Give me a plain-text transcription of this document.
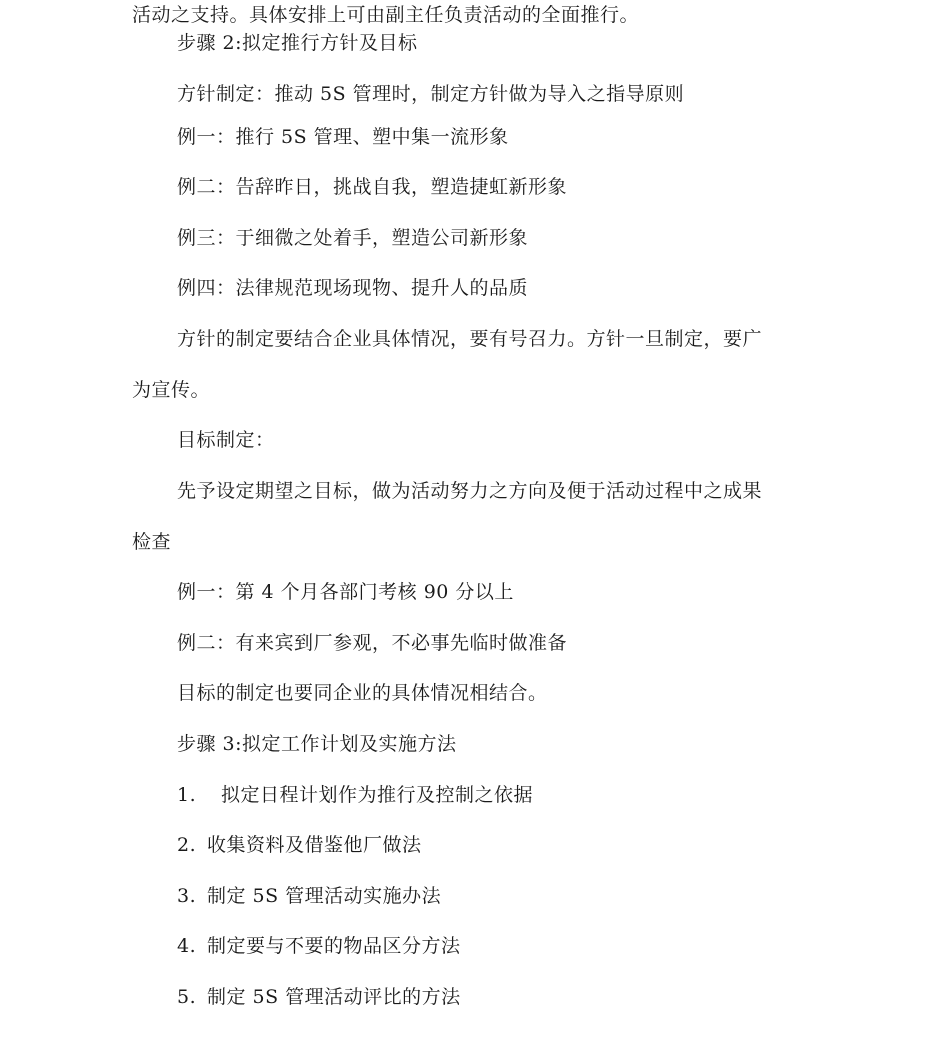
活动之支持。具体安排上可由副主任负责活动的全面推行。
步骤 2:拟定推行方针及目标
方针制定：推动 5S 管理时，制定方针做为导入之指导原则
例一：推行 5S 管理、塑中集一流形象
例二：告辞昨日，挑战自我，塑造捷虹新形象
例三：于细微之处着手，塑造公司新形象
例四：法律规范现场现物、提升人的品质
方针的制定要结合企业具体情况，要有号召力。方针一旦制定，要广
为宣传。
目标制定：
先予设定期望之目标，做为活动努力之方向及便于活动过程中之成果
检查
例一：第 4 个月各部门考核 90 分以上
例二：有来宾到厂参观，不必事先临时做准备
目标的制定也要同企业的具体情况相结合。
步骤 3:拟定工作计划及实施方法
1. 拟定日程计划作为推行及控制之依据
2. 收集资料及借鉴他厂做法
3. 制定 5S 管理活动实施办法
4. 制定要与不要的物品区分方法
5. 制定 5S 管理活动评比的方法
